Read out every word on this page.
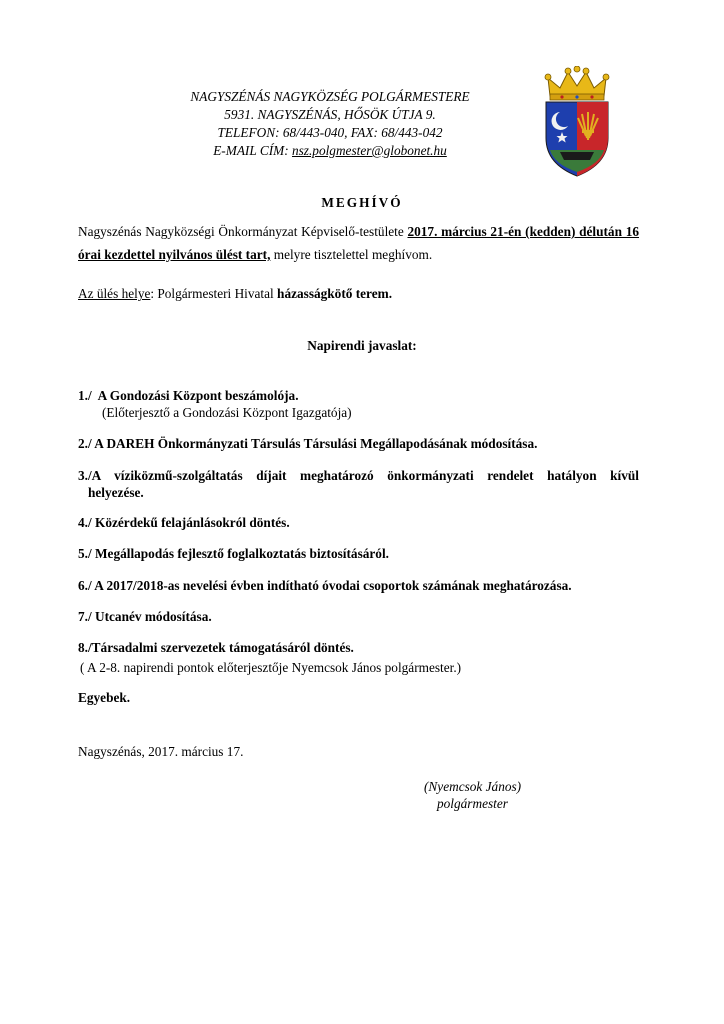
NAGYSZÉNÁS NAGYKÖZSÉG POLGÁRMESTERE
5931. NAGYSZÉNÁS, HŐSÖK ÚTJA 9.
TELEFON: 68/443-040, FAX: 68/443-042
E-MAIL CÍM: nsz.polgmester@globonet.hu
MEGHÍVÓ
Nagyszénás Nagyközségi Önkormányzat Képviselő-testülete 2017. március 21-én (kedden) délután 16 órai kezdettel nyilvános ülést tart, melyre tisztelettel meghívom.
Az ülés helye: Polgármesteri Hivatal házasságkötő terem.
Napirendi javaslat:
1./  A Gondozási Központ beszámolója.
(Előterjesztő a Gondozási Központ Igazgatója)
2./ A DAREH Önkormányzati Társulás Társulási Megállapodásának módosítása.
3./A víziközmű-szolgáltatás díjait meghatározó önkormányzati rendelet hatályon kívül
helyezése.
4./ Közérdekű felajánlásokról döntés.
5./ Megállapodás fejlesztő foglalkoztatás biztosításáról.
6./ A 2017/2018-as nevelési évben indítható óvodai csoportok számának meghatározása.
7./ Utcanév módosítása.
8./Társadalmi szervezetek támogatásáról döntés.
( A 2-8. napirendi pontok előterjesztője Nyemcsok János polgármester.)
Egyebek.
Nagyszénás, 2017. március 17.
(Nyemcsok János)
polgármester
